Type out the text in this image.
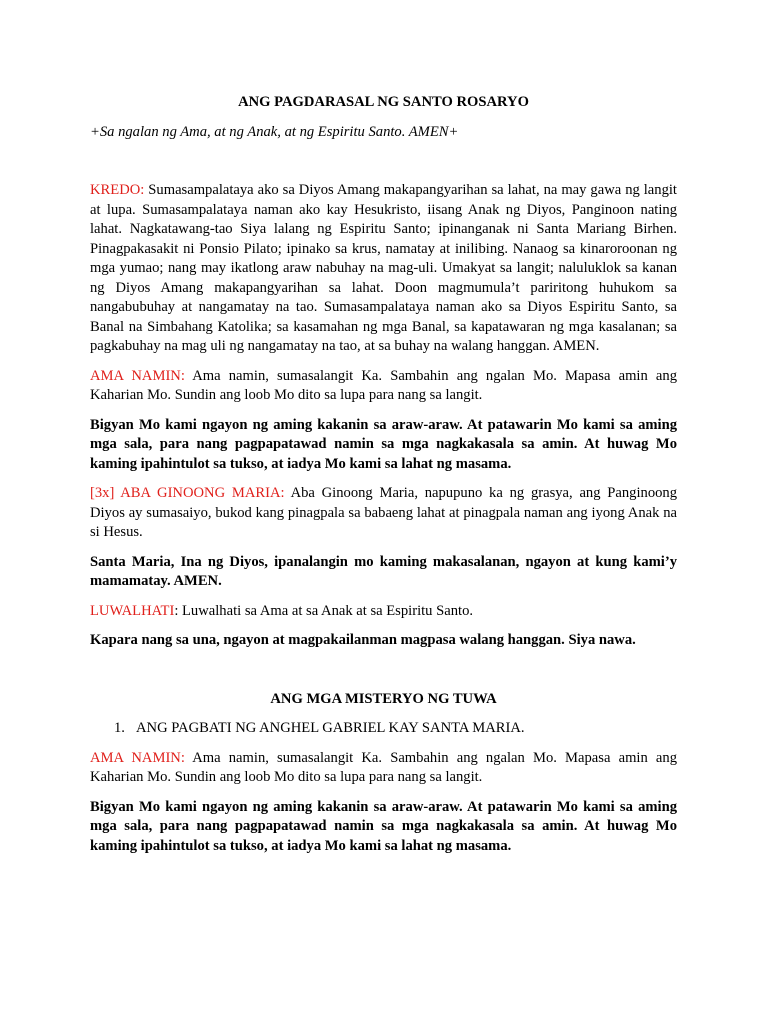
ANG PAGDARASAL NG SANTO ROSARYO

+Sa ngalan ng Ama, at ng Anak, at ng Espiritu Santo. AMEN+

KREDO: Sumasampalataya ako sa Diyos Amang makapangyarihan sa lahat, na may gawa ng langit at lupa. Sumasampalataya naman ako kay Hesukristo, iisang Anak ng Diyos, Panginoon nating lahat. Nagkatawang-tao Siya lalang ng Espiritu Santo; ipinanganak ni Santa Mariang Birhen. Pinagpakasakit ni Ponsio Pilato; ipinako sa krus, namatay at inilibing. Nanaog sa kinaroroonan ng mga yumao; nang may ikatlong araw nabuhay na mag-uli. Umakyat sa langit; naluluklok sa kanan ng Diyos Amang makapangyarihan sa lahat. Doon magmumula’t pariritong huhukom sa nangabubuhay at nangamatay na tao. Sumasampalataya naman ako sa Diyos Espiritu Santo, sa Banal na Simbahang Katolika; sa kasamahan ng mga Banal, sa kapatawaran ng mga kasalanan; sa pagkabuhay na mag uli ng nangamatay na tao, at sa buhay na walang hanggan. AMEN.

AMA NAMIN: Ama namin, sumasalangit Ka. Sambahin ang ngalan Mo. Mapasa amin ang Kaharian Mo. Sundin ang loob Mo dito sa lupa para nang sa langit.

Bigyan Mo kami ngayon ng aming kakanin sa araw-araw. At patawarin Mo kami sa aming mga sala, para nang pagpapatawad namin sa mga nagkakasala sa amin. At huwag Mo kaming ipahintulot sa tukso, at iadya Mo kami sa lahat ng masama.

[3x] ABA GINOONG MARIA: Aba Ginoong Maria, napupuno ka ng grasya, ang Panginoong Diyos ay sumasaiyo, bukod kang pinagpala sa babaeng lahat at pinagpala naman ang iyong Anak na si Hesus.

Santa Maria, Ina ng Diyos, ipanalangin mo kaming makasalanan, ngayon at kung kami’y mamamatay. AMEN.

LUWALHATI: Luwalhati sa Ama at sa Anak at sa Espiritu Santo.

Kapara nang sa una, ngayon at magpakailanman magpasa walang hanggan. Siya nawa.

ANG MGA MISTERYO NG TUWA

1. ANG PAGBATI NG ANGHEL GABRIEL KAY SANTA MARIA.

AMA NAMIN: Ama namin, sumasalangit Ka. Sambahin ang ngalan Mo. Mapasa amin ang Kaharian Mo. Sundin ang loob Mo dito sa lupa para nang sa langit.

Bigyan Mo kami ngayon ng aming kakanin sa araw-araw. At patawarin Mo kami sa aming mga sala, para nang pagpapatawad namin sa mga nagkakasala sa amin. At huwag Mo kaming ipahintulot sa tukso, at iadya Mo kami sa lahat ng masama.
